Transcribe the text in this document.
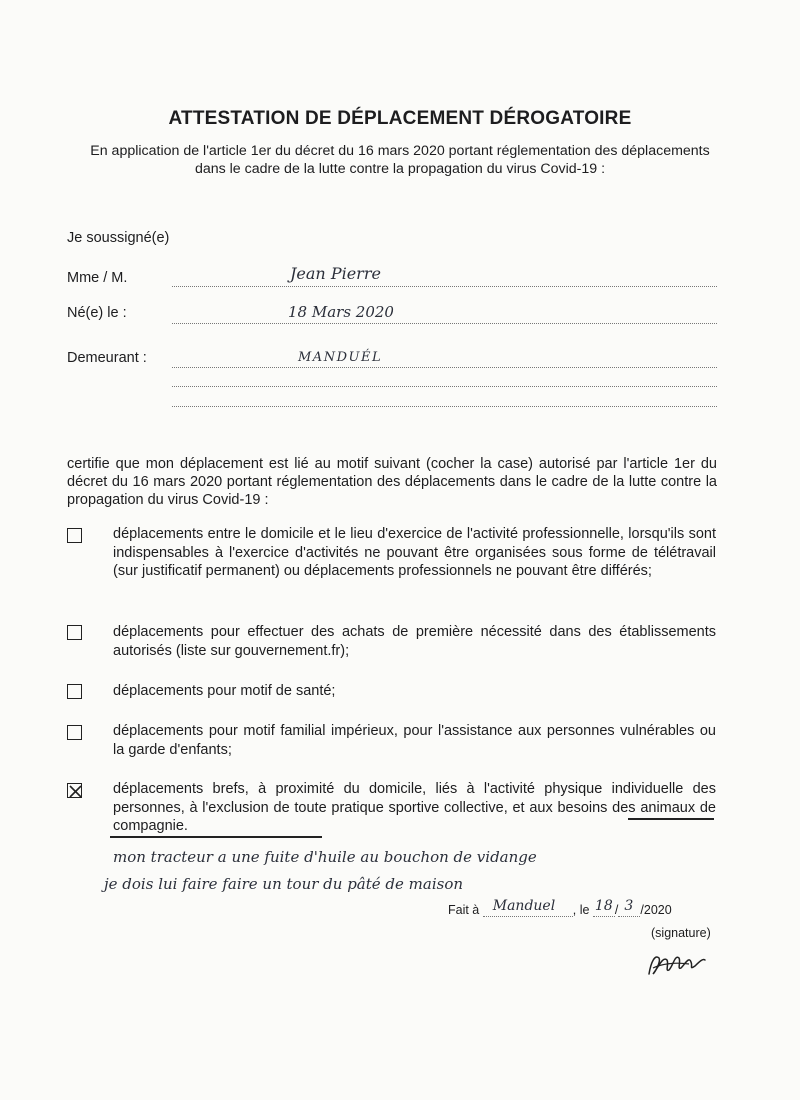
ATTESTATION DE DÉPLACEMENT DÉROGATOIRE
En application de l'article 1er du décret du 16 mars 2020 portant réglementation des déplacements dans le cadre de la lutte contre la propagation du virus Covid-19 :
Je soussigné(e)
Mme / M.	Jean Pierre
Né(e) le :	18 Mars 2020
Demeurant :	MANDUÉL
certifie que mon déplacement est lié au motif suivant (cocher la case) autorisé par l'article 1er du décret du 16 mars 2020 portant réglementation des déplacements dans le cadre de la lutte contre la propagation du virus Covid-19 :
déplacements entre le domicile et le lieu d'exercice de l'activité professionnelle, lorsqu'ils sont indispensables à l'exercice d'activités ne pouvant être organisées sous forme de télétravail (sur justificatif permanent) ou déplacements professionnels ne pouvant être différés;
déplacements pour effectuer des achats de première nécessité dans des établissements autorisés (liste sur gouvernement.fr);
déplacements pour motif de santé;
déplacements pour motif familial impérieux, pour l'assistance aux personnes vulnérables ou la garde d'enfants;
déplacements brefs, à proximité du domicile, liés à l'activité physique individuelle des personnes, à l'exclusion de toute pratique sportive collective, et aux besoins des animaux de compagnie.
mon tracteur a une fuite d'huile au bouchon de vidange
je dois lui faire faire un tour du pâté de maison
Fait à Manduel , le 18 / 3 /2020
(signature)
